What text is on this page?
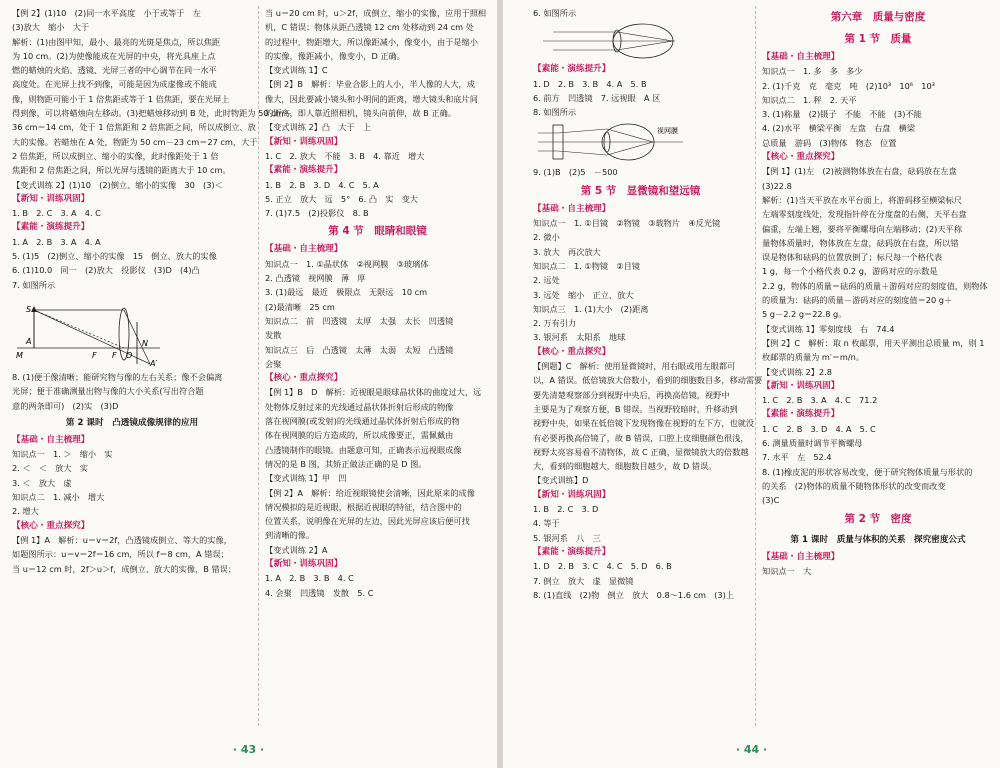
【例 2】(1)10　(2)同一水平高度　小于或等于　左
(3)放大　缩小　大于
解析：(1)由图甲知，最小、最亮的光斑是焦点，所以焦距
为 10 cm。(2)为使像能成在光屏的中央，将光具座上点
燃的蜡烛的火焰、透镜、光屏三者的中心调节在同一水平
高度处。在光屏上找不到像，可能是因为成虚像或不能成
像，则物距可能小于 1 倍焦距或等于 1 倍焦距，要在光屏上
得到像，可以将蜡烛向左移动。(3)把蜡烛移动到 B 处，此时物距为 50 cm－
36 cm＝14 cm，处于 1 倍焦距和 2 倍焦距之间，所以成倒立、放
大的实像。若蜡烛在 A 处，物距为 50 cm－23 cm＝27 cm，大于
2 倍焦距，所以成倒立、缩小的实像，此时像距处于 1 倍
焦距和 2 倍焦距之间，所以光屏与透镜的距离大于 10 cm。
【变式训练 2】(1)10　(2)倒立、缩小的实像　30　(3)＜
【新知・训练巩固】
1. B　2. C　3. A　4. C
【素能・演练提升】
1. A　2. B　3. A　4. A
5. (1)5　(2)倒立、缩小的实像　15　倒立、放大的实像
6. (1)10.0　同一　(2)放大　投影仪　(3)D　(4)凸
7. 如图所示
S
F F O
N
M
A
A′
8. (1)便于像清晰；能研究物与像的左右关系；像不会偏离
光屏；便于准确测量出物与像的大小关系(写出符合题
意的两条即可)　(2)实　(3)D
第 2 课时　凸透镜成像规律的应用
【基础・自主梳理】
知识点一　1. ＞　缩小　实
2. ＜　＜　放大　实
3. ＜　放大　虚
知识点二　1. 减小　增大
2. 增大
【核心・重点探究】
【例 1】A　解析：u＝v＝2f，凸透镜成倒立、等大的实像，
如题图所示：u＝v＝2f＝16 cm，所以 f＝8 cm，A 错误；
当 u＝12 cm 时，2f＞u＞f，成倒立、放大的实像，B 错误；
当 u＝20 cm 时，u＞2f，成倒立、缩小的实像，应用于照相
机，C 错误；物体从距凸透镜 12 cm 处移动到 24 cm 处
的过程中，物距增大，所以像距减小，像变小，由于是缩小
的实像，像距减小，像变小，D 正确。
【变式训练 1】C
【例 2】B　解析：毕业合影上的人小，半人像的人大，成
像大，因此要减小镜头和小明间的距离，增大镜头和底片间
的距离，即人靠近照相机，镜头向前伸，故 B 正确。
【变式训练 2】凸　大于　上
【新知・训练巩固】
1. C　2. 放大　不能　3. B　4. 靠近　增大
【素能・演练提升】
1. B　2. B　3. D　4. C　5. A
5. 正立　放大　远　5°　6. 凸　实　变大
7. (1)7.5　(2)投影仪　8. B
第 4 节　眼睛和眼镜
【基础・自主梳理】
知识点一　1. ①晶状体　②视网膜　③玻璃体
2. 凸透镜　视网膜　薄　厚
3. (1)最远　最近　极限点　无限远　10 cm
(2)最清晰　25 cm
知识点二　前　凹透镜　太厚　太强　太长　凹透镜
发散
知识点三　后　凸透镜　太薄　太弱　太短　凸透镜
会聚
【核心・重点探究】
【例 1】B　D　解析：近视眼是眼球晶状体的曲度过大，远
处物体反射过来的光线通过晶状体折射后形成的物像
落在视网膜(或发射)的光线通过晶状体折射后形成的物
体在视网膜的后方造成的，所以成像要正，需佩戴由
凸透镜制作的眼镜。由题意可知，正确表示远视眼成像
情况的是 B 图，其矫正做法正确的是 D 图。
【变式训练 1】甲　凹
【例 2】A　解析：给近视眼镜使会清晰，因此原来的成像
情况模拟的是近视眼，根据近视眼的特征，结合图中的
位置关系，说明像在光屏的左边，因此光屏应该后便可找
到清晰的像。
【变式训练 2】A
【新知・训练巩固】
1. A　2. B　3. B　4. C
4. 会聚　凹透镜　发散　5. C
· 43 ·
6. 如图所示
【素能・演练提升】
1. D　2. B　3. B　4. A　5. B
6. 前方　凹透镜　7. 远视眼　A 区
8. 如图所示
视网膜
9. (1)B　(2)5　－500
第 5 节　显微镜和望远镜
【基础・自主梳理】
知识点一　1. ①目镜　②物镜　③载物片　④反光镜
2. 微小
3. 放大　再次放大
知识点二　1. ①物镜　②目镜
2. 远处
3. 远处　缩小　正立、放大
知识点三　1. (1)大小　(2)距离
2. 万有引力
3. 银河系　太阳系　地球
【核心・重点探究】
【例题】C　解析：使用显微镜时，用右眼或用左眼都可
以，A 错误。低倍镜放大倍数小，看到的细胞数目多，移动需要
要先清楚观察部分到视野中央后，再换高倍镜，视野中
主要是为了观察方便，B 错误。当视野较暗时，升移动到
视野中央，如果在低倍镜下发现物像在视野的左下方，也就没
有必要再换高倍镜了，故 B 错误，口腔上皮细胞颜色很浅，
视野太亮容易看不清物体，故 C 正确，显微镜放大的倍数越
大，看到的细胞越大，细胞数目越少，故 D 错误。
【变式训练】D
【新知・训练巩固】
1. B　2. C　3. D
4. 等于
5. 银河系　八　三
【素能・演练提升】
1. D　2. B　3. C　4. C　5. D　6. B
7. 倒立　放大　虚　显微镜
8. (1)直线　(2)物　倒立　放大　0.8～1.6 cm　(3)上
第六章　质量与密度
第 1 节　质量
【基础・自主梳理】
知识点一　1. 多　多　多少
2. (1)千克　克　毫克　吨　(2)10³　10⁶　10³
知识点二　1. 秤　2. 天平
3. (1)称量　(2)镊子　不能　不能　(3)不能
4. (2)水平　横梁平衡　左盘　右盘　横梁
总质量　游码　(3)物体　物态　位置
【核心・重点探究】
【例 1】(1)左　(2)被测物体放在右盘，砝码放在左盘
(3)22.8
解析：(1)当天平放在水平台面上，将游码移至横梁标尺
左端零刻度线处，发现指针停在分度盘的右侧，天平右盘
偏重，左端上翘，要将平衡螺母向左端移动；(2)天平称
量物体质量时，物体放在左盘，砝码放在右盘，所以错
误是物体和砝码的位置放倒了；标尺每一个格代表
1 g，每一个小格代表 0.2 g，游码对应的示数是
2.2 g，物体的质量＝砝码的质量＋游码对应的刻度值，则物体
的质量为：砝码的质量－游码对应的刻度值＝20 g＋
5 g－2.2 g＝22.8 g。
【变式训练 1】零刻度线　右　74.4
【例 2】C　解析：取 n 枚邮票，用天平测出总质量 m，则 1
枚邮票的质量为 m′＝m/n。
【变式训练 2】2.8
【新知・训练巩固】
1. C　2. B　3. A　4. C　71.2
【素能・演练提升】
1. C　2. B　3. D　4. A　5. C
6. 测量质量时调节平衡螺母
7. 水平　左　52.4
8. (1)橡皮泥的形状容易改变，便于研究物体质量与形状的
的关系　(2)物体的质量不随物体形状的改变而改变
(3)C
第 2 节　密度
第 1 课时　质量与体积的关系　探究密度公式
【基础・自主梳理】
知识点一　大
· 44 ·
